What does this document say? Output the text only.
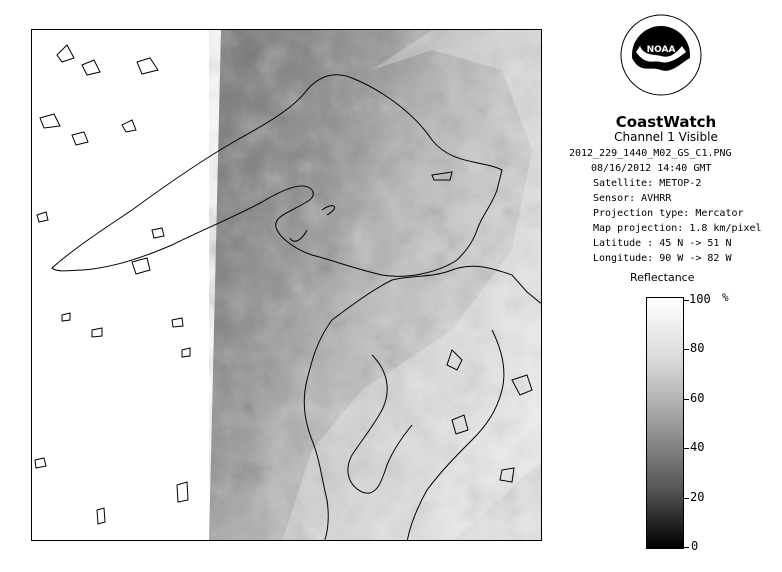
NOAA
CoastWatch
Channel 1 Visible
2012_229_1440_M02_GS_C1.PNG
08/16/2012 14:40 GMT
Satellite: METOP-2
Sensor: AVHRR
Projection type: Mercator
Map projection: 1.8 km/pixel
Latitude : 45 N -> 51 N
Longitude: 90 W -> 82 W
Reflectance
%
100
80
60
40
20
0
